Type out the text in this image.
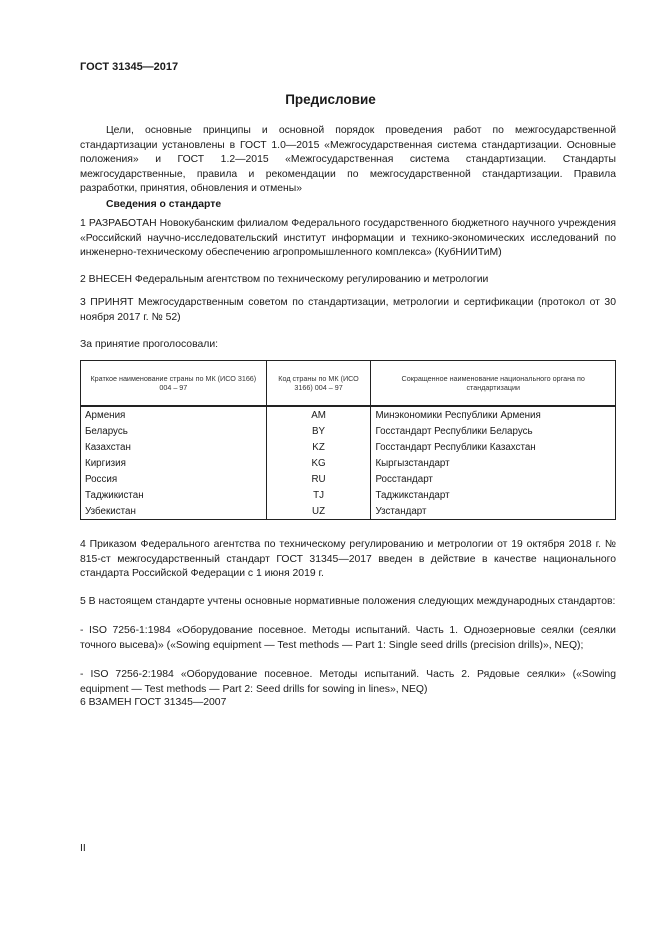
ГОСТ 31345—2017
Предисловие

Цели, основные принципы и основной порядок проведения работ по межгосударственной стандартизации установлены в ГОСТ 1.0—2015 «Межгосударственная система стандартизации. Основные положения» и ГОСТ 1.2—2015 «Межгосударственная система стандартизации. Стандарты межгосударственные, правила и рекомендации по межгосударственной стандартизации. Правила разработки, принятия, обновления и отмены»

Сведения о стандарте

1 РАЗРАБОТАН Новокубанским филиалом Федерального государственного бюджетного научного учреждения «Российский научно-исследовательский институт информации и технико-экономических исследований по инженерно-техническому обеспечению агропромышленного комплекса» (КубНИИТиМ)

2 ВНЕСЕН Федеральным агентством по техническому регулированию и метрологии

3 ПРИНЯТ Межгосударственным советом по стандартизации, метрологии и сертификации (протокол от 30 ноября 2017 г. № 52)

За принятие проголосовали:

Краткое наименование страны по МК (ИСО 3166) 004 – 97	Код страны по МК (ИСО 3166) 004 – 97	Сокращенное наименование национального органа по стандартизации
Армения	AM	Минэкономики Республики Армения
Беларусь	BY	Госстандарт Республики Беларусь
Казахстан	KZ	Госстандарт Республики Казахстан
Киргизия	KG	Кыргызстандарт
Россия	RU	Росстандарт
Таджикистан	TJ	Таджикстандарт
Узбекистан	UZ	Узстандарт

4 Приказом Федерального агентства по техническому регулированию и метрологии от 19 октября 2018 г. № 815-ст межгосударственный стандарт ГОСТ 31345—2017 введен в действие в качестве национального стандарта Российской Федерации с 1 июня 2019 г.

5 В настоящем стандарте учтены основные нормативные положения следующих международных стандартов:

- ISO 7256-1:1984 «Оборудование посевное. Методы испытаний. Часть 1. Однозерновые сеялки (сеялки точного высева)» («Sowing equipment — Test methods — Part 1: Single seed drills (precision drills)», NEQ);

- ISO 7256-2:1984 «Оборудование посевное. Методы испытаний. Часть 2. Рядовые сеялки» («Sowing equipment — Test methods — Part 2: Seed drills for sowing in lines», NEQ)

6 ВЗАМЕН ГОСТ 31345—2007

II
